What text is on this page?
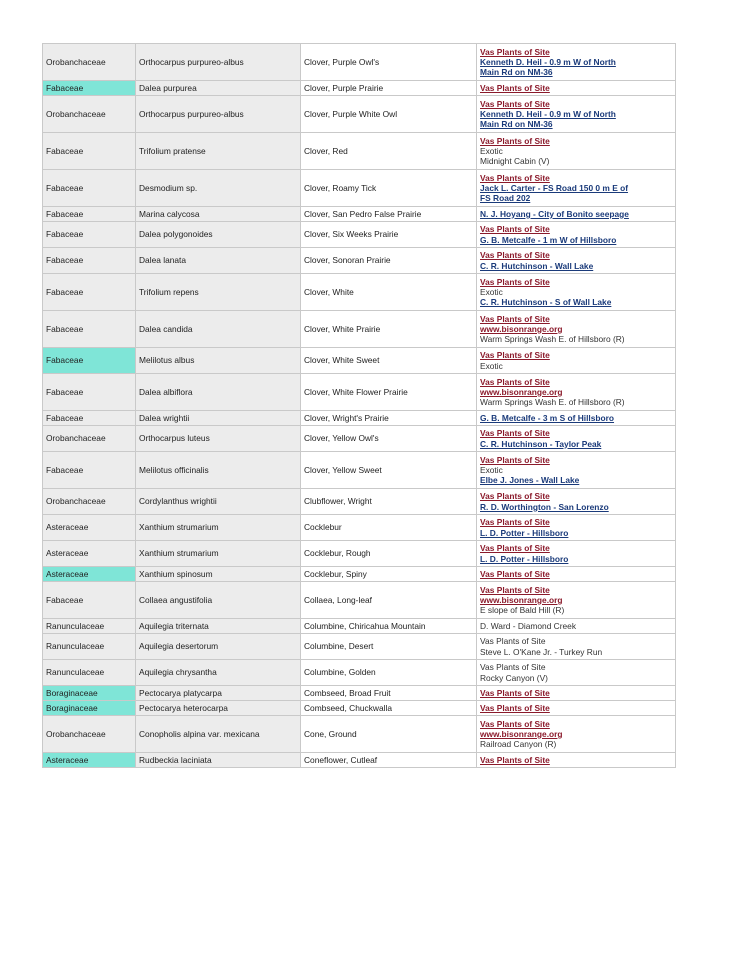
Orobanchaceae	Orthocarpus purpureo-albus	Clover, Purple Owl's	Vas Plants of Site
Kenneth D. Heil - 0.9 m W of North
Main Rd on NM-36

Fabaceae	Dalea purpurea	Clover, Purple Prairie	Vas Plants of Site

Orobanchaceae	Orthocarpus purpureo-albus	Clover, Purple White Owl	Vas Plants of Site
Kenneth D. Heil - 0.9 m W of North
Main Rd on NM-36

Fabaceae	Trifolium pratense	Clover, Red	Vas Plants of Site
Exotic
Midnight Cabin (V)

Fabaceae	Desmodium sp.	Clover, Roamy Tick	Vas Plants of Site
Jack L. Carter - FS Road 150 0 m E of
FS Road 202

Fabaceae	Marina calycosa	Clover, San Pedro False Prairie	N. J. Hoyang - City of Bonito seepage

Fabaceae	Dalea polygonoides	Clover, Six Weeks Prairie	Vas Plants of Site
G. B. Metcalfe - 1 m W of Hillsboro

Fabaceae	Dalea lanata	Clover, Sonoran Prairie	Vas Plants of Site
C. R. Hutchinson - Wall Lake

Fabaceae	Trifolium repens	Clover, White	Vas Plants of Site
Exotic
C. R. Hutchinson - S of Wall Lake

Fabaceae	Dalea candida	Clover, White Prairie	Vas Plants of Site
www.bisonrange.org
Warm Springs Wash E. of Hillsboro (R)

Fabaceae	Melilotus albus	Clover, White Sweet	Vas Plants of Site
Exotic

Fabaceae	Dalea albiflora	Clover, White Flower Prairie	Vas Plants of Site
www.bisonrange.org
Warm Springs Wash E. of Hillsboro (R)

Fabaceae	Dalea wrightii	Clover, Wright's Prairie	G. B. Metcalfe - 3 m S of Hillsboro

Orobanchaceae	Orthocarpus luteus	Clover, Yellow Owl's	Vas Plants of Site
C. R. Hutchinson - Taylor Peak

Fabaceae	Melilotus officinalis	Clover, Yellow Sweet	Vas Plants of Site
Exotic
Elbe J. Jones - Wall Lake

Orobanchaceae	Cordylanthus wrightii	Clubflower, Wright	Vas Plants of Site
R. D. Worthington - San Lorenzo

Asteraceae	Xanthium strumarium	Cocklebur	Vas Plants of Site
L. D. Potter - Hillsboro

Asteraceae	Xanthium strumarium	Cocklebur, Rough	Vas Plants of Site
L. D. Potter - Hillsboro

Asteraceae	Xanthium spinosum	Cocklebur, Spiny	Vas Plants of Site

Fabaceae	Collaea angustifolia	Collaea, Long-leaf	Vas Plants of Site
www.bisonrange.org
E slope of Bald Hill (R)

Ranunculaceae	Aquilegia triternata	Columbine, Chiricahua Mountain	D. Ward - Diamond Creek

Ranunculaceae	Aquilegia desertorum	Columbine, Desert	Vas Plants of Site
Steve L. O'Kane Jr. - Turkey Run

Ranunculaceae	Aquilegia chrysantha	Columbine, Golden	Vas Plants of Site
Rocky Canyon (V)

Boraginaceae	Pectocarya platycarpa	Combseed, Broad Fruit	Vas Plants of Site

Boraginaceae	Pectocarya heterocarpa	Combseed, Chuckwalla	Vas Plants of Site

Orobanchaceae	Conopholis alpina var. mexicana	Cone, Ground	Vas Plants of Site
www.bisonrange.org
Railroad Canyon (R)

Asteraceae	Rudbeckia laciniata	Coneflower, Cutleaf	Vas Plants of Site
